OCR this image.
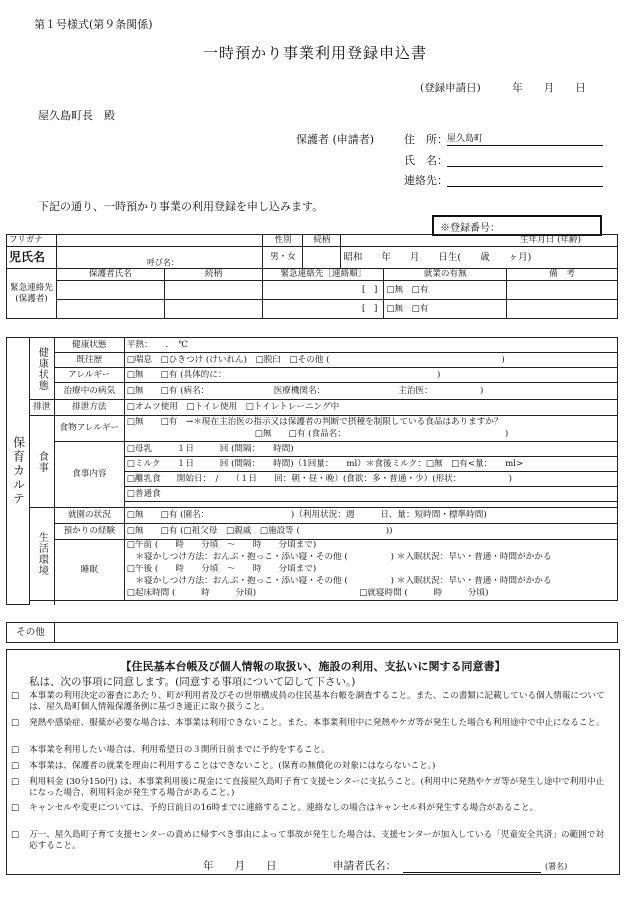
第１号様式(第９条関係)
一時預かり事業利用登録申込書
(登録申請日)　　　年　　月　　日
屋久島町長　殿
保護者 (申請者)	住　所： 屋久島町
氏　名：
連絡先：
下記の通り、一時預かり事業の利用登録を申し込みます。
※登録番号：
フリガナ			性別	続柄	生年月日 (年齢)		
児氏名	呼び名：		男・女		昭和　　年　　月　　日生(　　歳　　ヶ月)		
緊急連絡先(保護者)	保護者氏名	続柄	緊急連絡先［連絡順］			就業の有無	備　考
			[　]			□無　□有	
			[　]			□無　□有	
保育カルテ	健康状態	健康状態	平熱：　　．　℃
		既往歴	□喘息　□ひきつけ (けいれん)　□脱臼　□その他 (　　　　　　　　　　　　　　　　　　　　)
		アレルギー	□無　　□有 (具体的に：　　　　　　　　　　　　　　　　　　　　　　　　　)
		治療中の病気	□無　　□有 (病名：　　　　　　　　医療機関名：　　　　　　　　　主治医：　　　　　　)
	排泄	排泄方法	□オムツ使用　□トイレ使用　□トイレトレーニング中
	食事	食物アレルギー	□無　　□有　→＊現在主治医の指示又は保護者の判断で摂種を制限している食品はありますか？
			□無　　□有 (食品名：　　　　　　　　　　　　　　　　　　　)
		食事内容	□母乳 １日　　　回 (間隔：　　時間)
			□ミルク １日　　　回 (間隔：　　時間)（1回量：　　ml）＊食後ミルク：□無　□有<量：　　ml>
			□離乳食 開始日：　/　　（１日　　回：朝・昼・晩）(食欲：多・普通・少）(形状：　　　　　　)
			□普通食

	生活環境	就園の状況	□無　　□有 (園名：　　　　　　　　　　)（利用状況：週　　　日、量：短時間・標準時間)
		預かりの経験	□無　　□有 (□祖父母　□親戚　□施設等 (　　　　　　　　　　))
		睡眠	□午前 (　　時　　分頃　～　　時　　分頃まで)
			　＊寝かしつけ方法：おんぶ・抱っこ・添い寝・その他 (　　　　　) ＊入眠状況：早い・普通・時間がかかる
			□午後 (　　時　　分頃　～　　時　　分頃まで)
			　＊寝かしつけ方法：おんぶ・抱っこ・添い寝・その他 (　　　　　) ＊入眠状況：早い・普通・時間がかかる
			□起床時間 (　　　時　　　分頃)　　　　　　　　　　　　□就寝時間 (　　　時　　　分頃)

その他	
【住民基本台帳及び個人情報の取扱い、施設の利用、支払いに関する同意書】
私は、次の事項に同意します。(同意する事項について☑して下さい。)
□ 本事業の利用決定の審査にあたり、町が利用者及びその世帯構成員の住民基本台帳を調査すること。また、この書類に記載している個人情報については、屋久島町個人情報保護条例に基づき適正に取り扱うこと。
□ 発熱や感染症、服薬が必要な場合は、本事業は利用できないこと。また、本事業利用中に発熱やケガ等が発生した場合も利用途中で中止になること。
□ 本事業を利用したい場合は、利用希望日の３開所日前までに予約をすること。
□ 本事業は、保護者の就業を理由に利用することはできないこと。(保育の無償化の対象にはならないこと。)
□ 利用料金 (30分150円) は、本事業利用後に現金にて直接屋久島町子育て支援センターに支払うこと。(利用中に発熱やケガ等が発生し途中で利用中止になった場合、利用料金が発生する場合があること。)
□ キャンセルや変更については、予約日前日の16時までに連絡すること。連絡なしの場合はキャンセル料が発生する場合があること。
□ 万一、屋久島町子育て支援センターの責めに帰すべき事由によって事故が発生した場合は、支援センターが加入している「児童安全共済」の範囲で対応すること。
年　　月　　日	申請者氏名：	(署名)
